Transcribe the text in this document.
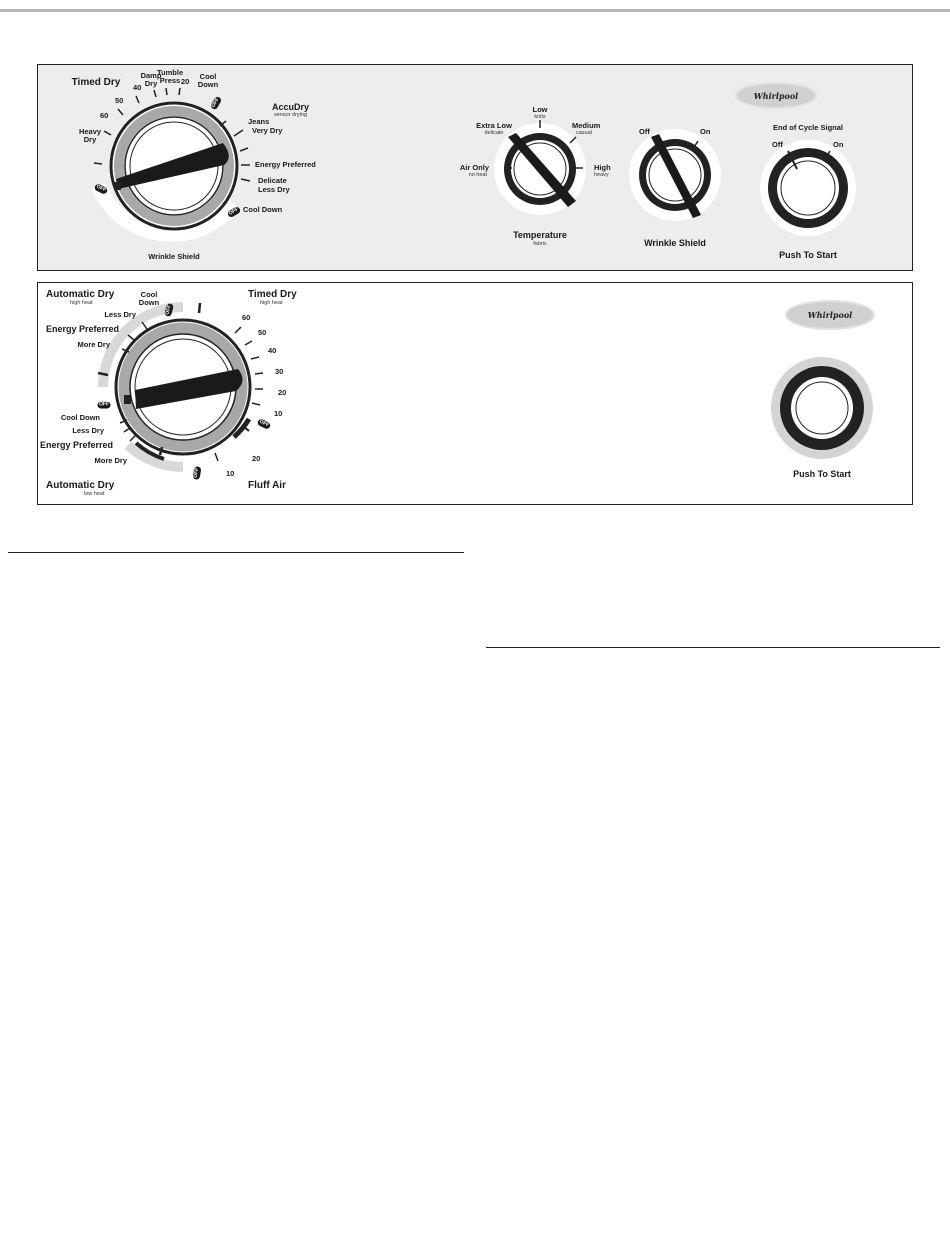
Timed Dry
60
50
40
Heavy Dry
Damp Dry
Tumble Press 20
Cool Down
OFF	AccuDry
sensor drying
Jeans
Very Dry
Energy Preferred
Delicate
Less Dry
OFF Cool Down
OFF
Wrinkle Shield
Low
knits
Extra Low
delicate
Medium
casual
Air Only
no heat
High
heavy
Temperature
fabric
Off	On
Wrinkle Shield
End of Cycle Signal
Off	On
Push To Start
Whirlpool
Automatic Dry
high heat
Cool Down
OFF
Less Dry
Energy Preferred
More Dry
Timed Dry
high heat
60
50
40
30
20
10
OFF
OFF
Cool Down
Less Dry
Energy Preferred
More Dry
Automatic Dry
low heat
OFF	10
20
Fluff Air
Whirlpool
Push To Start
